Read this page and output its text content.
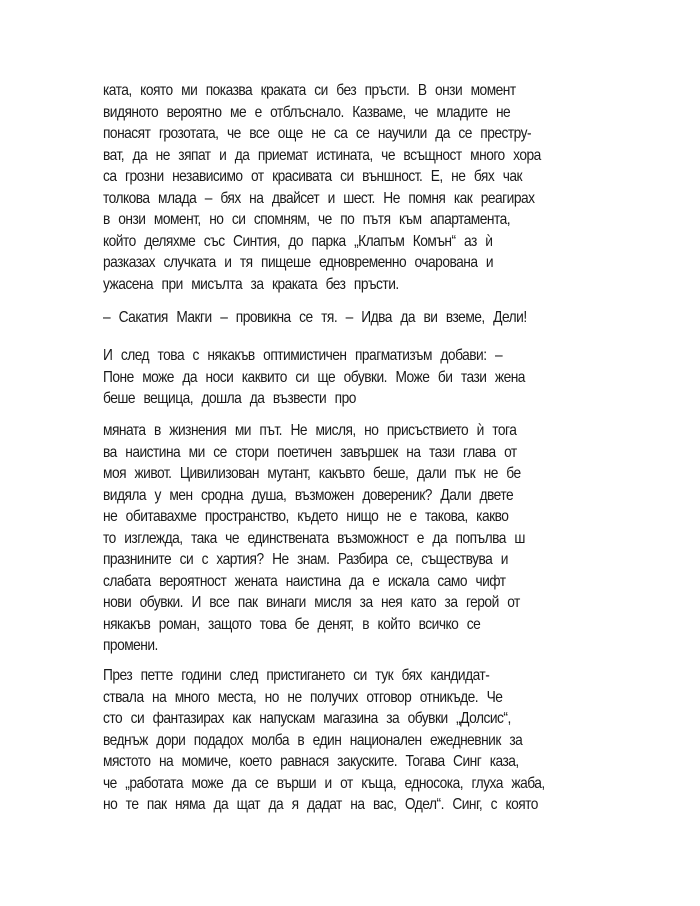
ката, която ми показва краката си без пръсти. В онзи момент
видяното вероятно ме е отблъснало. Казваме, че младите не
понасят грозотата, че все още не са се научили да се престру-
ват, да не зяпат и да приемат истината, че всъщност много хора
са грозни независимо от красивата си външност. Е, не бях чак
толкова млада – бях на двайсет и шест. Не помня как реагирах
в онзи момент, но си спомням, че по пътя към апартамента,
който деляхме със Синтия, до парка „Клапъм Комън“ аз ѝ
разказах случката и тя пищеше едновременно очарована и
ужасена при мисълта за краката без пръсти.
– Сакатия Макги – провикна се тя. – Идва да ви вземе, Дели!
И след това с някакъв оптимистичен прагматизъм добави: –
Поне може да носи каквито си ще обувки. Може би тази жена
беше вещица, дошла да възвести про
мяната в жизнения ми път. Не мисля, но присъствието ѝ тога
ва наистина ми се стори поетичен завършек на тази глава от
моя живот. Цивилизован мутант, какъвто беше, дали пък не бе
видяла у мен сродна душа, възможен довереник? Дали двете
не обитавахме пространство, където нищо не е такова, какво
то изглежда, така че единствената възможност е да попълва ш
празнините си с хартия? Не знам. Разбира се, съществува и
слабата вероятност жената наистина да е искала само чифт
нови обувки. И все пак винаги мисля за нея като за герой от
някакъв роман, защото това бе денят, в който всичко се
промени.
През петте години след пристигането си тук бях кандидат-
ствала на много места, но не получих отговор отникъде. Че
сто си фантазирах как напускам магазина за обувки „Долсис“,
веднъж дори подадох молба в един национален ежедневник за
мястото на момиче, което равнася закуските. Тогава Синг каза,
че „работата може да се върши и от къща, едносока, глуха жаба,
но те пак няма да щат да я дадат на вас, Одел“. Синг, с която
